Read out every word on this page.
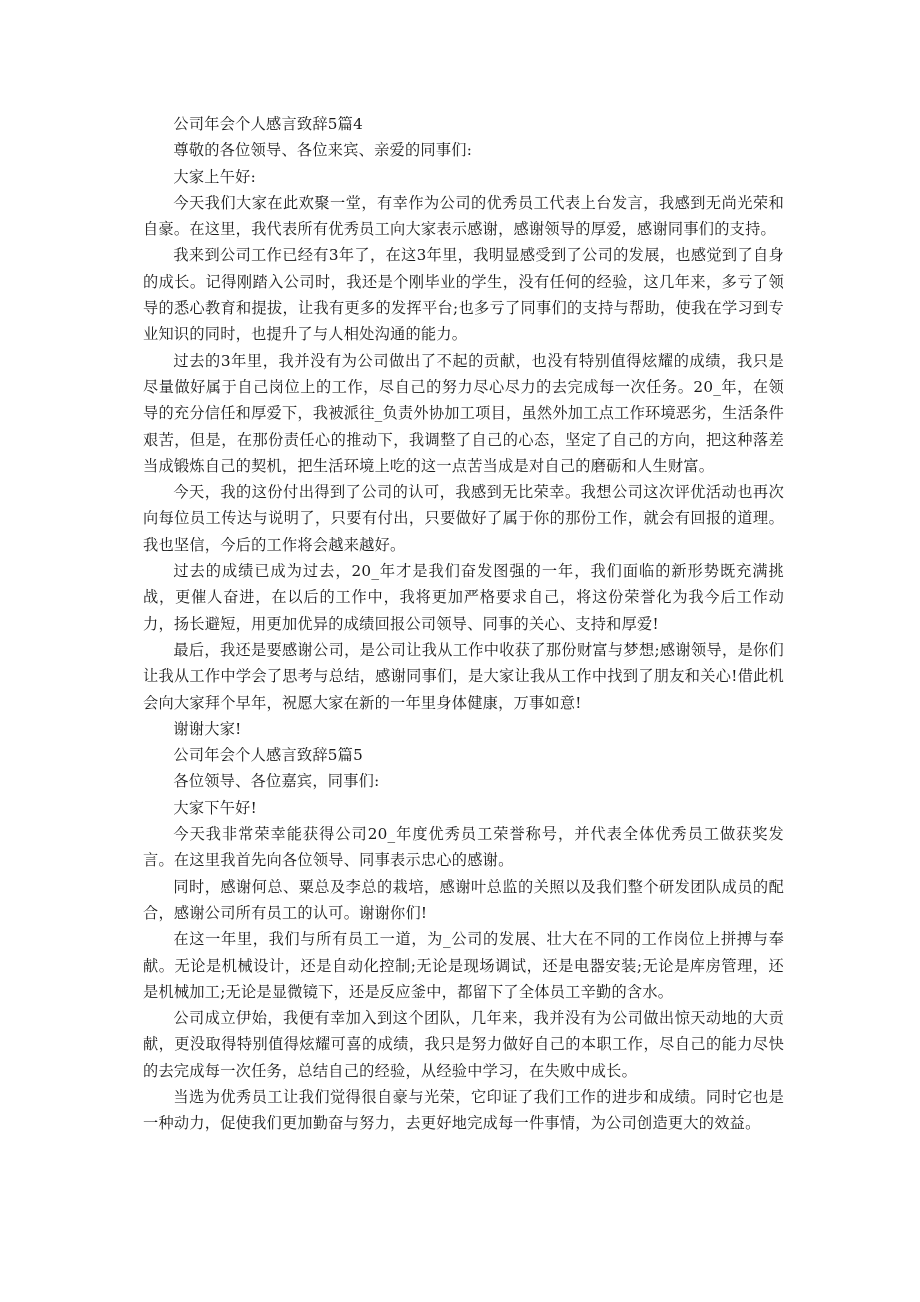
公司年会个人感言致辞5篇4

尊敬的各位领导、各位来宾、亲爱的同事们:

大家上午好:

今天我们大家在此欢聚一堂，有幸作为公司的优秀员工代表上台发言，我感到无尚光荣和自豪。在这里，我代表所有优秀员工向大家表示感谢，感谢领导的厚爱，感谢同事们的支持。

我来到公司工作已经有3年了，在这3年里，我明显感受到了公司的发展，也感觉到了自身的成长。记得刚踏入公司时，我还是个刚毕业的学生，没有任何的经验，这几年来，多亏了领导的悉心教育和提拔，让我有更多的发挥平台;也多亏了同事们的支持与帮助，使我在学习到专业知识的同时，也提升了与人相处沟通的能力。

过去的3年里，我并没有为公司做出了不起的贡献，也没有特别值得炫耀的成绩，我只是尽量做好属于自己岗位上的工作，尽自己的努力尽心尽力的去完成每一次任务。20_年，在领导的充分信任和厚爱下，我被派往_负责外协加工项目，虽然外加工点工作环境恶劣，生活条件艰苦，但是，在那份责任心的推动下，我调整了自己的心态，坚定了自己的方向，把这种落差当成锻炼自己的契机，把生活环境上吃的这一点苦当成是对自己的磨砺和人生财富。

今天，我的这份付出得到了公司的认可，我感到无比荣幸。我想公司这次评优活动也再次向每位员工传达与说明了，只要有付出，只要做好了属于你的那份工作，就会有回报的道理。我也坚信，今后的工作将会越来越好。

过去的成绩已成为过去，20_年才是我们奋发图强的一年，我们面临的新形势既充满挑战，更催人奋进，在以后的工作中，我将更加严格要求自己，将这份荣誉化为我今后工作动力，扬长避短，用更加优异的成绩回报公司领导、同事的关心、支持和厚爱!

最后，我还是要感谢公司，是公司让我从工作中收获了那份财富与梦想;感谢领导，是你们让我从工作中学会了思考与总结，感谢同事们，是大家让我从工作中找到了朋友和关心!借此机会向大家拜个早年，祝愿大家在新的一年里身体健康，万事如意!

谢谢大家!

公司年会个人感言致辞5篇5

各位领导、各位嘉宾，同事们:

大家下午好!

今天我非常荣幸能获得公司20_年度优秀员工荣誉称号，并代表全体优秀员工做获奖发言。在这里我首先向各位领导、同事表示忠心的感谢。

同时，感谢何总、粟总及李总的栽培，感谢叶总监的关照以及我们整个研发团队成员的配合，感谢公司所有员工的认可。谢谢你们!

在这一年里，我们与所有员工一道，为_公司的发展、壮大在不同的工作岗位上拼搏与奉献。无论是机械设计，还是自动化控制;无论是现场调试，还是电器安装;无论是库房管理，还是机械加工;无论是显微镜下，还是反应釜中，都留下了全体员工辛勤的含水。

公司成立伊始，我便有幸加入到这个团队，几年来，我并没有为公司做出惊天动地的大贡献，更没取得特别值得炫耀可喜的成绩，我只是努力做好自己的本职工作，尽自己的能力尽快的去完成每一次任务，总结自己的经验，从经验中学习，在失败中成长。

当选为优秀员工让我们觉得很自豪与光荣，它印证了我们工作的进步和成绩。同时它也是一种动力，促使我们更加勤奋与努力，去更好地完成每一件事情，为公司创造更大的效益。
